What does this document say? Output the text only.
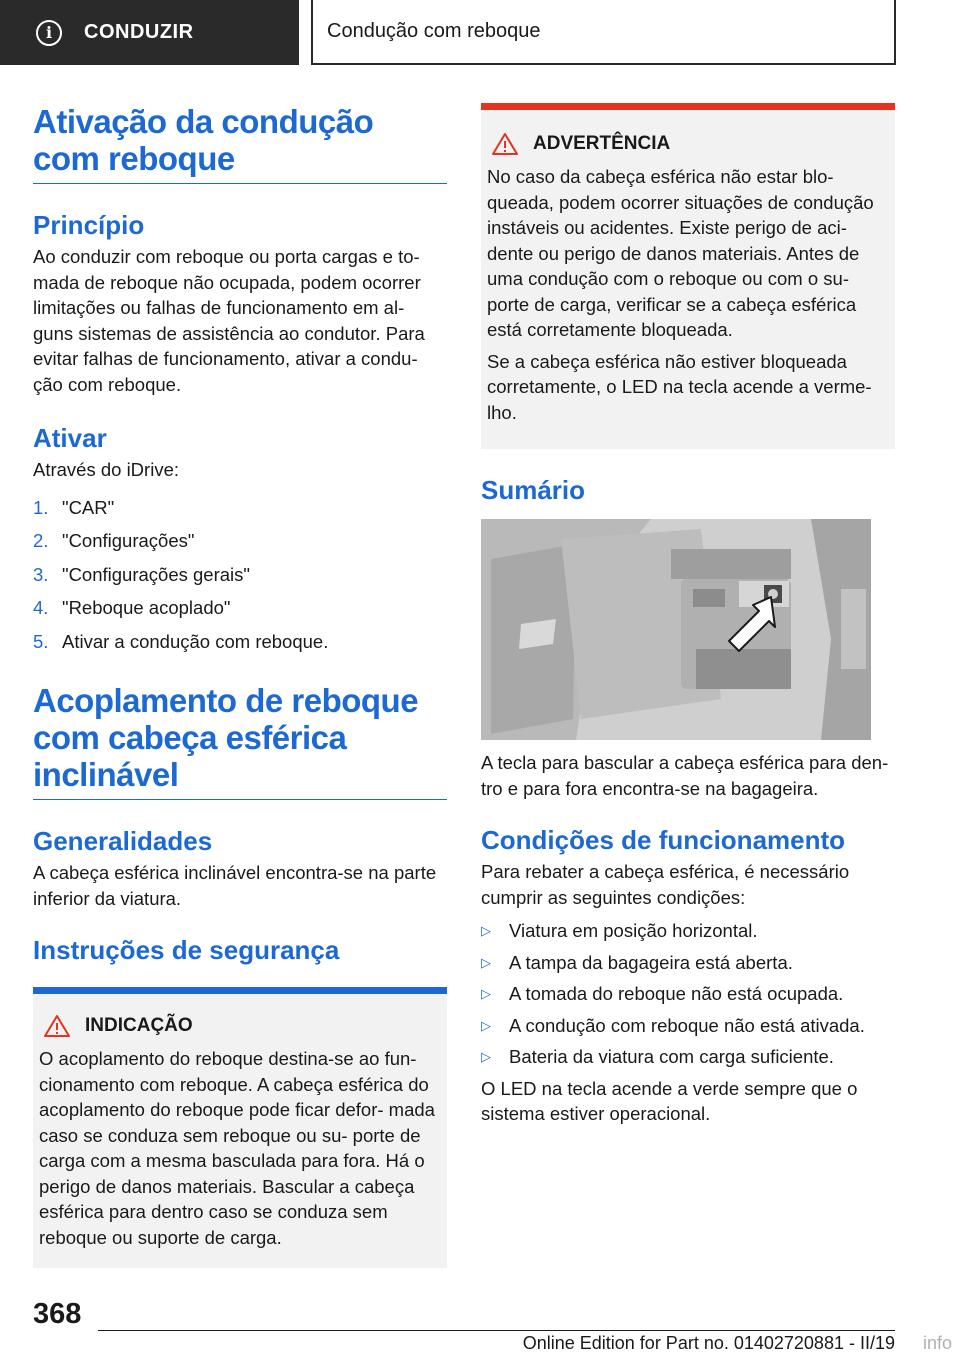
i	CONDUZIR	Condução com reboque
Ativação da condução com reboque
Princípio
Ao conduzir com reboque ou porta cargas e to‐ mada de reboque não ocupada, podem ocorrer limitações ou falhas de funcionamento em al‐ guns sistemas de assistência ao condutor. Para evitar falhas de funcionamento, ativar a condu‐ ção com reboque.
Ativar
Através do iDrive:
1. "CAR"
2. "Configurações"
3. "Configurações gerais"
4. "Reboque acoplado"
5. Ativar a condução com reboque.
Acoplamento de reboque com cabeça esférica inclinável
Generalidades
A cabeça esférica inclinável encontra-se na parte inferior da viatura.
Instruções de segurança
INDICAÇÃO
O acoplamento do reboque destina-se ao fun‐ cionamento com reboque. A cabeça esférica do acoplamento do reboque pode ficar defor‐ mada caso se conduza sem reboque ou su‐ porte de carga com a mesma basculada para fora. Há o perigo de danos materiais. Bascular a cabeça esférica para dentro caso se conduza sem reboque ou suporte de carga.
ADVERTÊNCIA
No caso da cabeça esférica não estar blo‐ queada, podem ocorrer situações de condução instáveis ou acidentes. Existe perigo de aci‐ dente ou perigo de danos materiais. Antes de uma condução com o reboque ou com o su‐ porte de carga, verificar se a cabeça esférica está corretamente bloqueada.
Se a cabeça esférica não estiver bloqueada corretamente, o LED na tecla acende a verme‐ lho.
Sumário
A tecla para bascular a cabeça esférica para den‐ tro e para fora encontra-se na bagageira.
Condições de funcionamento
Para rebater a cabeça esférica, é necessário cumprir as seguintes condições:
▷ Viatura em posição horizontal.
▷ A tampa da bagageira está aberta.
▷ A tomada do reboque não está ocupada.
▷ A condução com reboque não está ativada.
▷ Bateria da viatura com carga suficiente.
O LED na tecla acende a verde sempre que o sistema estiver operacional.
368
Online Edition for Part no. 01402720881 - II/19 info
